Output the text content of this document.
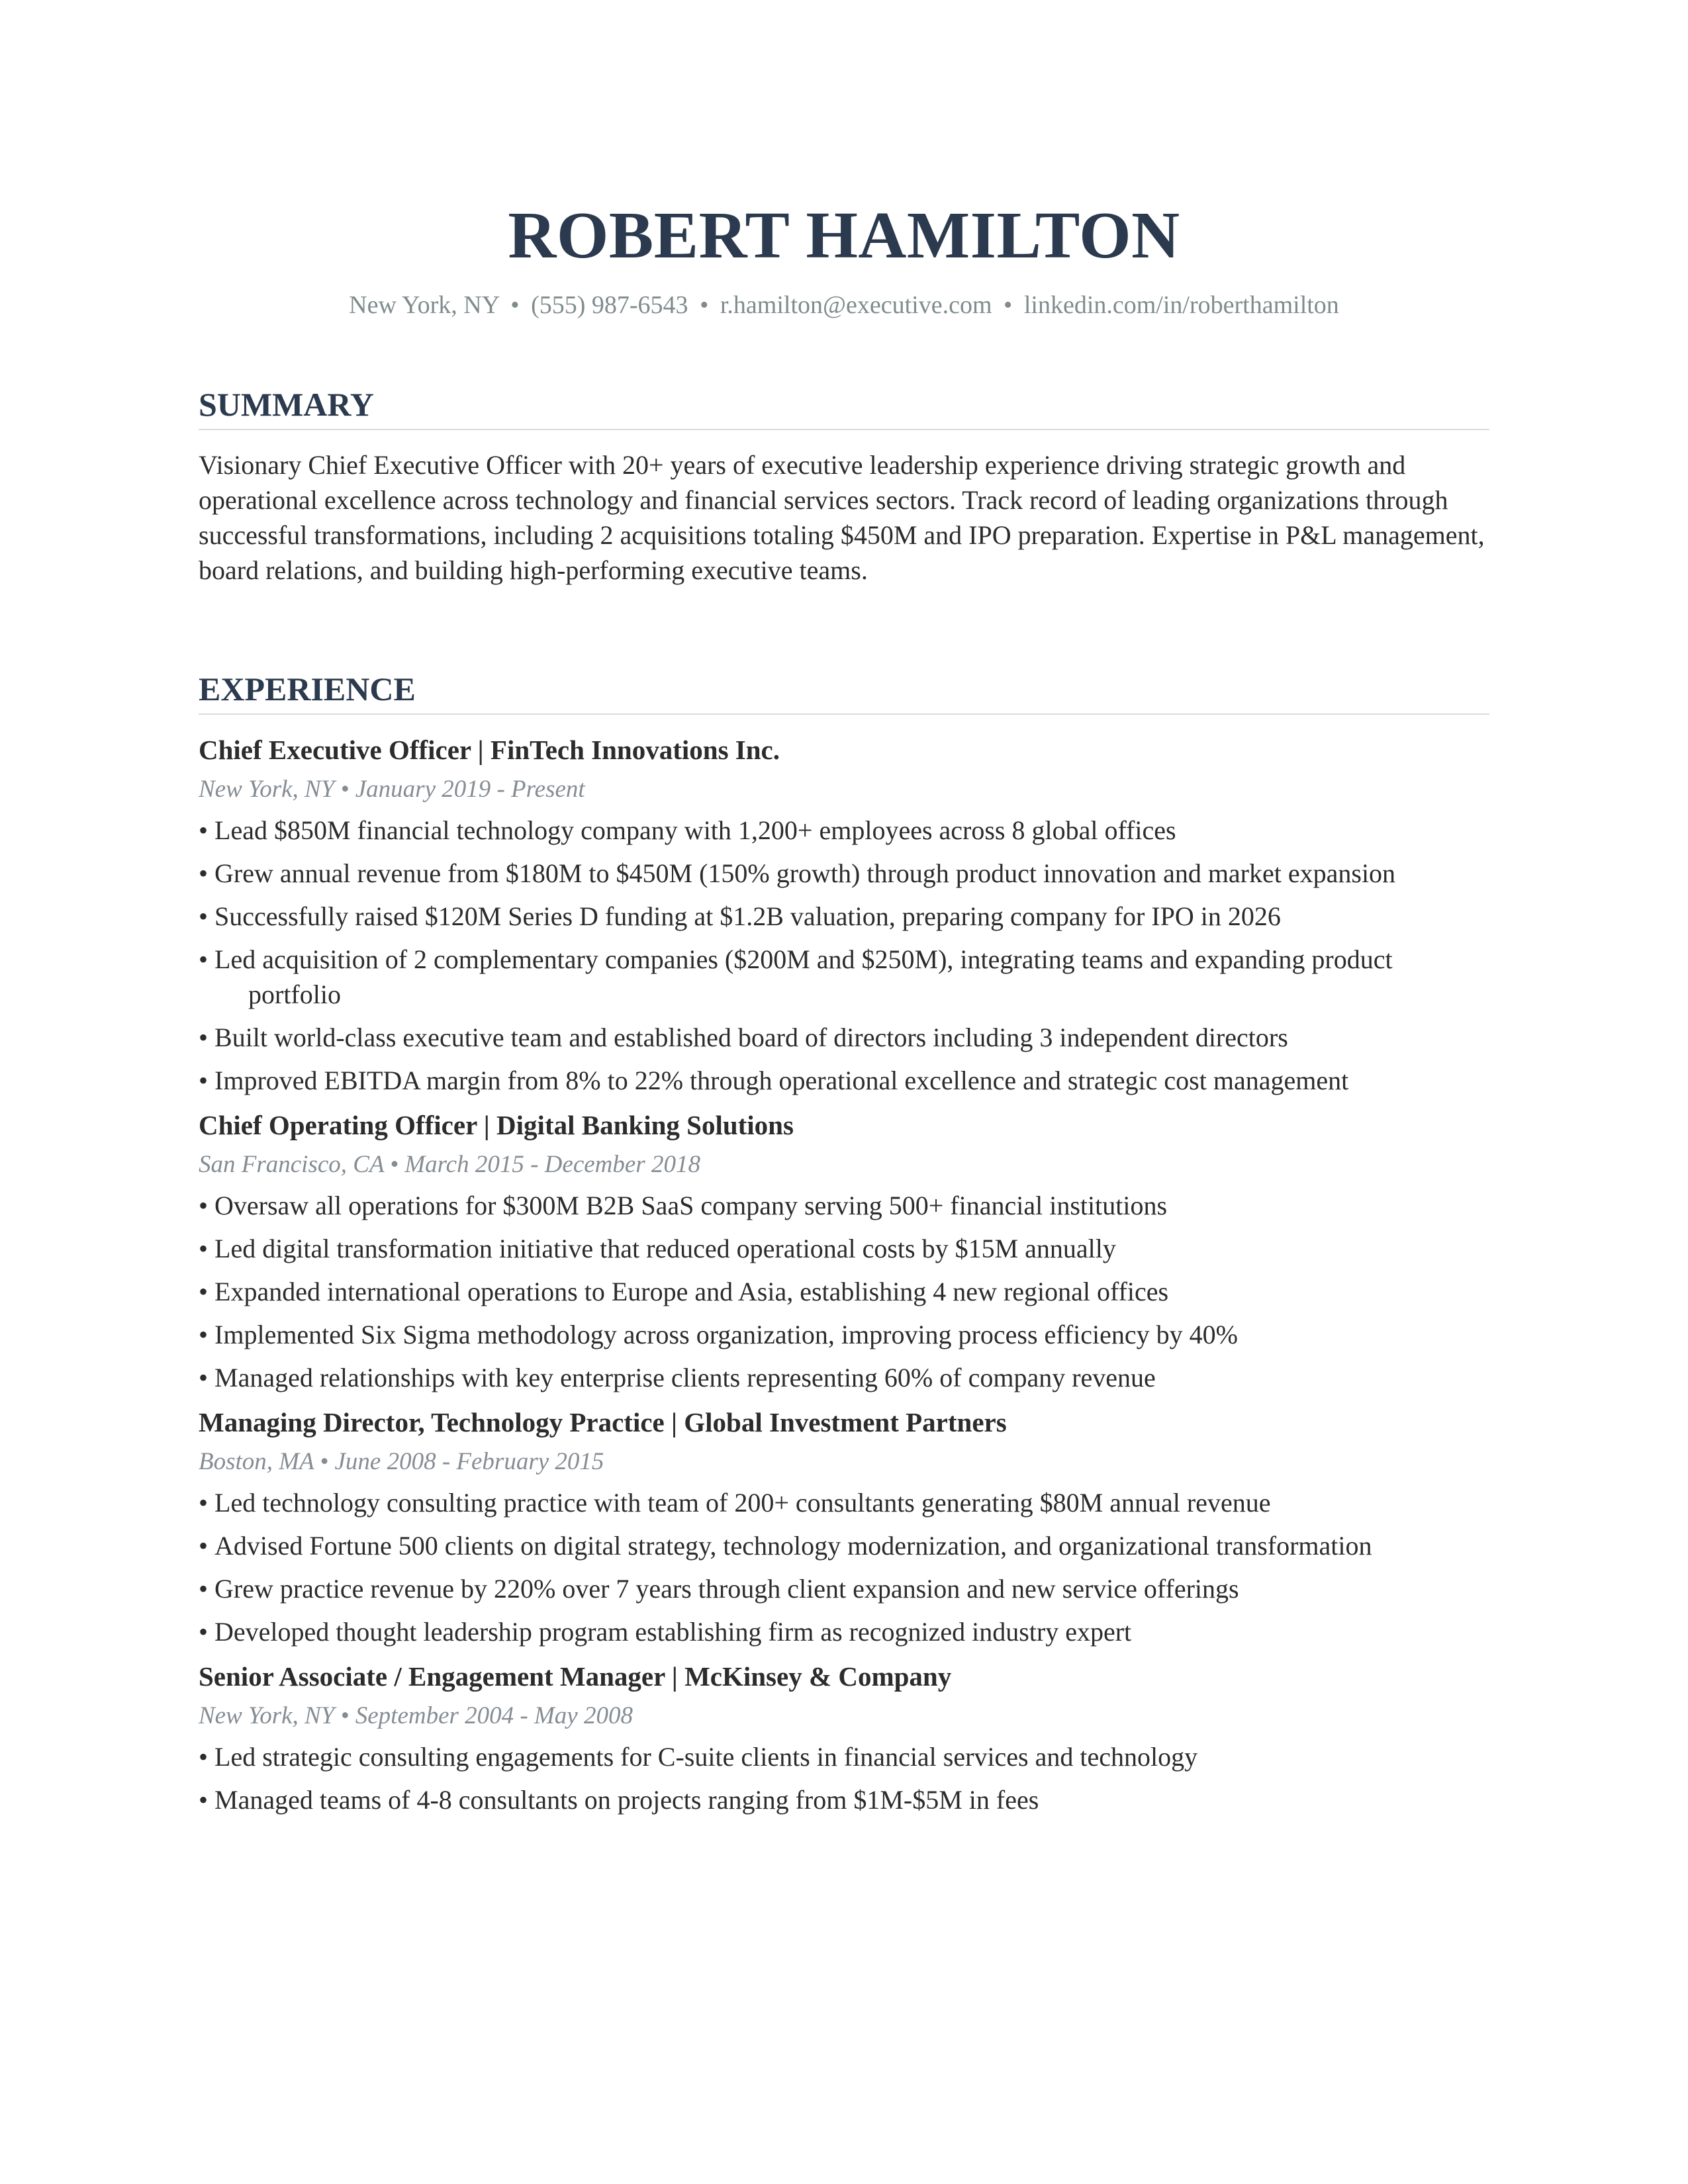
ROBERT HAMILTON
New York, NY • (555) 987-6543 • r.hamilton@executive.com • linkedin.com/in/roberthamilton
SUMMARY
Visionary Chief Executive Officer with 20+ years of executive leadership experience driving strategic growth and operational excellence across technology and financial services sectors. Track record of leading organizations through successful transformations, including 2 acquisitions totaling $450M and IPO preparation. Expertise in P&L management, board relations, and building high-performing executive teams.
EXPERIENCE
Chief Executive Officer | FinTech Innovations Inc.
New York, NY • January 2019 - Present
• Lead $850M financial technology company with 1,200+ employees across 8 global offices
• Grew annual revenue from $180M to $450M (150% growth) through product innovation and market expansion
• Successfully raised $120M Series D funding at $1.2B valuation, preparing company for IPO in 2026
• Led acquisition of 2 complementary companies ($200M and $250M), integrating teams and expanding product portfolio
• Built world-class executive team and established board of directors including 3 independent directors
• Improved EBITDA margin from 8% to 22% through operational excellence and strategic cost management
Chief Operating Officer | Digital Banking Solutions
San Francisco, CA • March 2015 - December 2018
• Oversaw all operations for $300M B2B SaaS company serving 500+ financial institutions
• Led digital transformation initiative that reduced operational costs by $15M annually
• Expanded international operations to Europe and Asia, establishing 4 new regional offices
• Implemented Six Sigma methodology across organization, improving process efficiency by 40%
• Managed relationships with key enterprise clients representing 60% of company revenue
Managing Director, Technology Practice | Global Investment Partners
Boston, MA • June 2008 - February 2015
• Led technology consulting practice with team of 200+ consultants generating $80M annual revenue
• Advised Fortune 500 clients on digital strategy, technology modernization, and organizational transformation
• Grew practice revenue by 220% over 7 years through client expansion and new service offerings
• Developed thought leadership program establishing firm as recognized industry expert
Senior Associate / Engagement Manager | McKinsey & Company
New York, NY • September 2004 - May 2008
• Led strategic consulting engagements for C-suite clients in financial services and technology
• Managed teams of 4-8 consultants on projects ranging from $1M-$5M in fees
